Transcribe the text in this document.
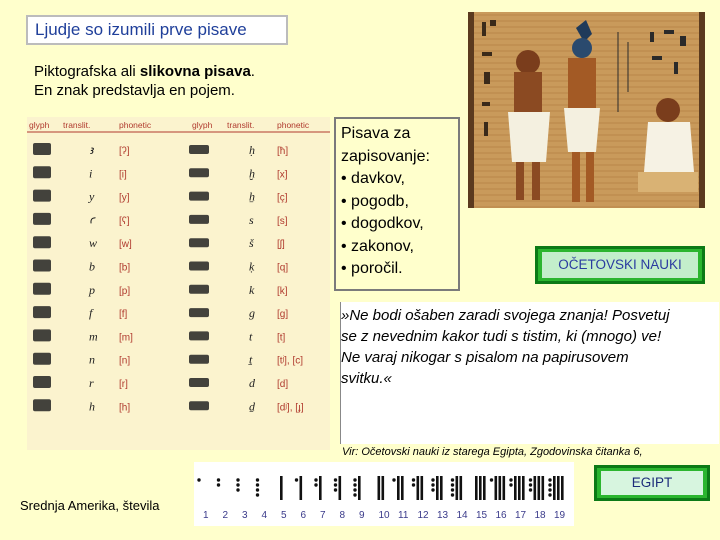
Ljudje so izumili prve pisave
Piktografska ali slikovna pisava.
En znak predstavlja en pojem.
glyph translit.	phonetic	glyph translit.	phonetic
ꜣ	[ʔ]	ḥ [ħ]
i	[i]	ḫ [x]
y [y]	ẖ [ç]
ꜥ [ʕ]	s [s]
w [w]	š [ʃ]
b [b]	ḳ [q]
p [p]	k [k]
f	[f]	g [g]
m [m]	t [t]
n [n]	ṯ [tʲ], [c]
r	[r]	d [d]
h [h]	ḏ [dʲ], [ɟ]
Pisava za
zapisovanje:
• davkov,
• pogodb,
• dogodkov,
• zakonov,
• poročil.	OČETOVSKI NAUKI
»Ne bodi ošaben zaradi svojega znanja! Posvetuj
se z nevednim kakor tudi s tistim, ki (mnogo) ve!
Ne varaj nikogar s pisalom na papirusovem
svitku.«
Vir: Očetovski nauki iz starega Egipta, Zgodovinska čitanka 6,
EGIPT
1 2 3 4 5 6 7 8 9 10 11 12 13 14 15 16 17 18 19
Srednja Amerika, števila
